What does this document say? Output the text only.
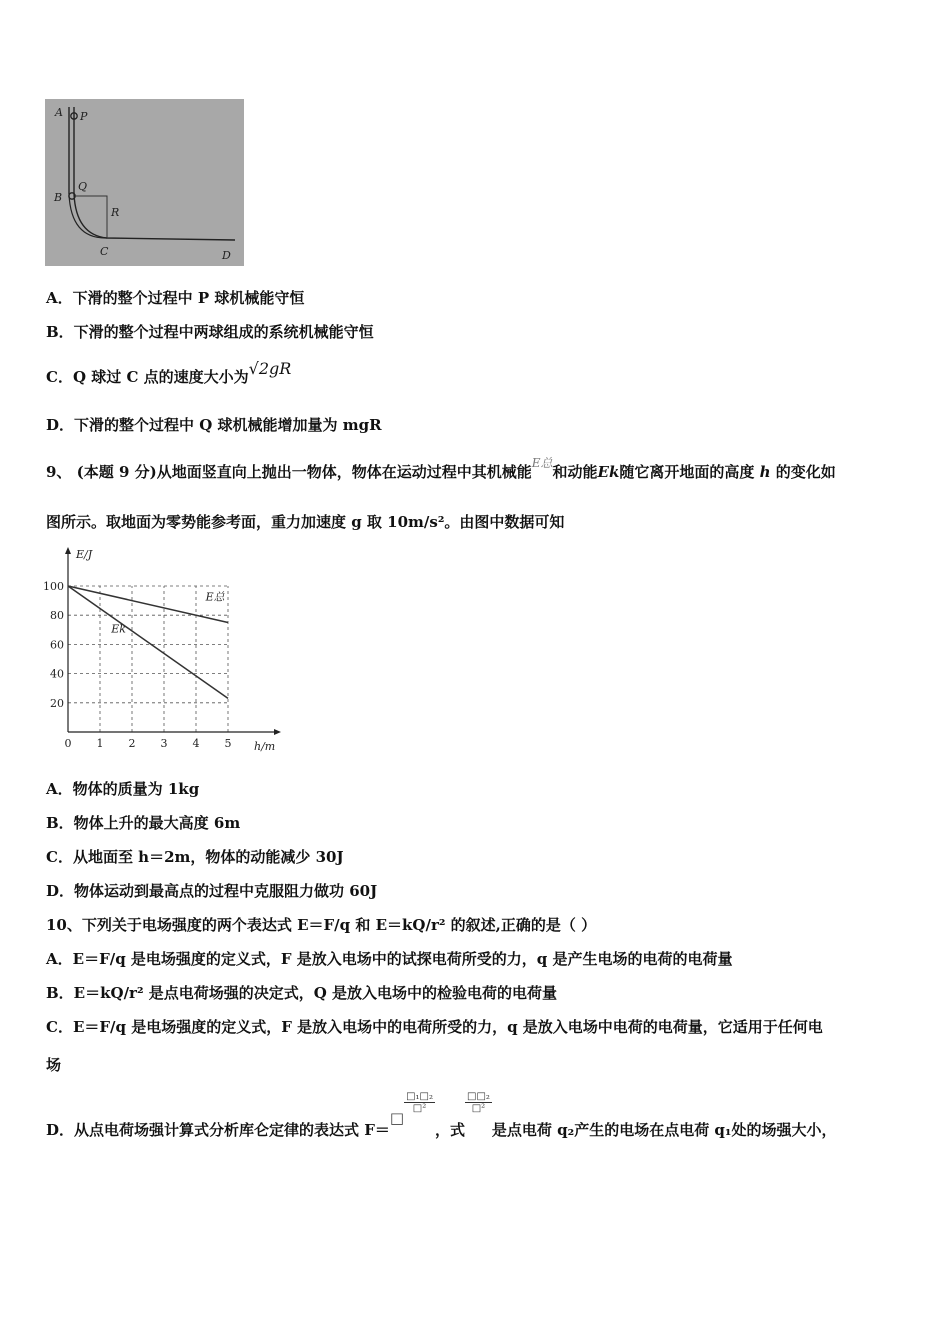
A P
B
Q
R
C	D
A．下滑的整个过程中 P 球机械能守恒
B．下滑的整个过程中两球组成的系统机械能守恒
C．Q 球过 C 点的速度大小为√2gR
D．下滑的整个过程中 Q 球机械能增加量为 mgR
9、 (本题 9 分)从地面竖直向上抛出一物体，物体在运动过程中其机械能$^{E总}$和动能Ek随它离开地面的高度 h 的变化如
图所示。取地面为零势能参考面，重力加速度 g 取 10m/s²。由图中数据可知
20
40
60
80
100
0 1 2 3 4 5
E/J
h/m
E总
Ek
A．物体的质量为 1kg
B．物体上升的最大高度 6m
C．从地面至 h＝2m，物体的动能减少 30J
D．物体运动到最高点的过程中克服阻力做功 60J
10、下列关于电场强度的两个表达式 E＝F/q 和 E＝kQ/r² 的叙述,正确的是（ ）
A．E＝F/q 是电场强度的定义式，F 是放入电场中的试探电荷所受的力，q 是产生电场的电荷的电荷量
B．E＝kQ/r² 是点电荷场强的决定式，Q 是放入电场中的检验电荷的电荷量
C．E＝F/q 是电场强度的定义式，F 是放入电场中的电荷所受的力，q 是放入电场中电荷的电荷量，它适用于任何电
场
D．从点电荷场强计算式分析库仑定律的表达式 F＝□
$\frac{\text{□₁□₂}}{\text{□²}}$
，式
$\frac{\text{□□₂}}{\text{□²}}$
是点电荷 q₂产生的电场在点电荷 q₁处的场强大小，
